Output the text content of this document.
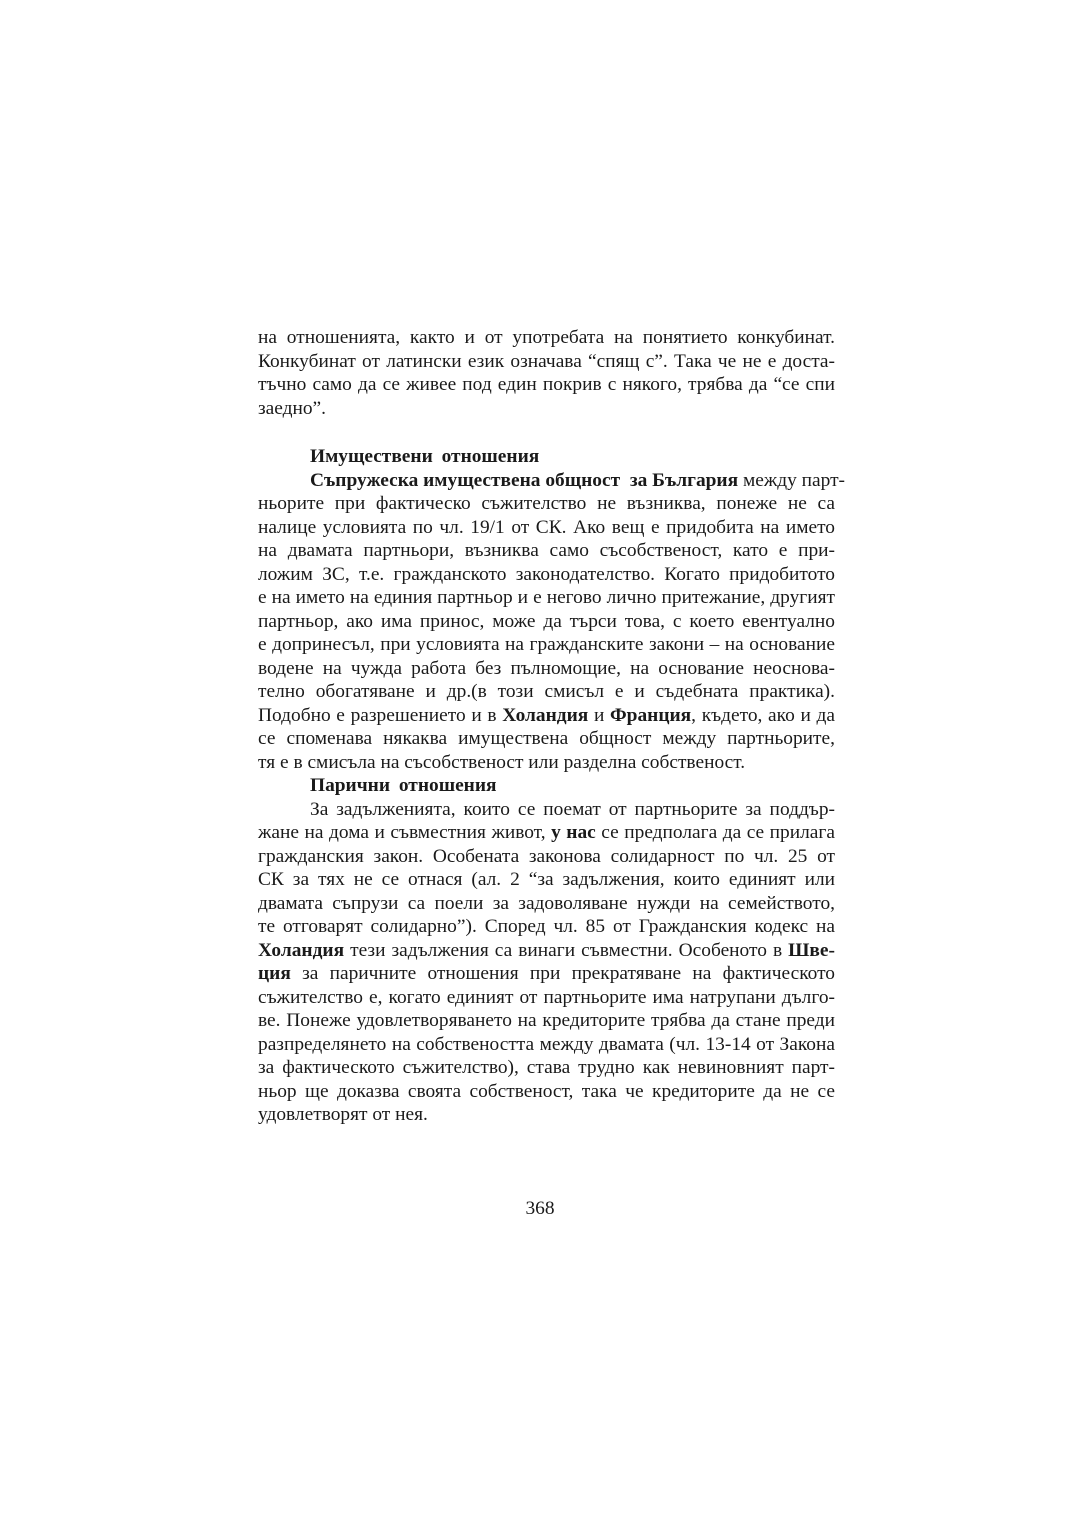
на отношенията, както и от употребата на понятието конкубинат.
Конкубинат от латински език означава “спящ с”. Така че не е доста-
тъчно само да се живее под един покрив с някого, трябва да “се спи
заедно”.
Имуществени отношения
Съпружеска имуществена общност за България между парт-
ньорите при фактическо съжителство не възниква, понеже не са
налице условията по чл. 19/1 от СК. Ако вещ е придобита на името
на двамата партньори, възниква само съсобственост, като е при-
ложим ЗС, т.е. гражданското законодателство. Когато придобитото
е на името на единия партньор и е негово лично притежание, другият
партньор, ако има принос, може да търси това, с което евентуално
е допринесъл, при условията на гражданските закони – на основание
водене на чужда работа без пълномощие, на основание неоснова-
телно обогатяване и др.(в този смисъл е и съдебната практика).
Подобно е разрешението и в Холандия и Франция, където, ако и да
се споменава някаква имуществена общност между партньорите,
тя е в смисъла на съсобственост или разделна собственост.
Парични отношения
За задълженията, които се поемат от партньорите за поддър-
жане на дома и съвместния живот, у нас се предполага да се прилага
гражданския закон. Особената законова солидарност по чл. 25 от
СК за тях не се отнася (ал. 2 “за задължения, които единият или
двамата съпрузи са поели за задоволяване нужди на семейството,
те отговарят солидарно”). Според чл. 85 от Гражданския кодекс на
Холандия тези задължения са винаги съвместни. Особеното в Шве-
ция за паричните отношения при прекратяване на фактическото
съжителство е, когато единият от партньорите има натрупани дълго-
ве. Понеже удовлетворяването на кредиторите трябва да стане преди
разпределянето на собствеността между двамата (чл. 13-14 от Закона
за фактическото съжителство), става трудно как невиновният парт-
ньор ще доказва своята собственост, така че кредиторите да не се
удовлетворят от нея.
368
